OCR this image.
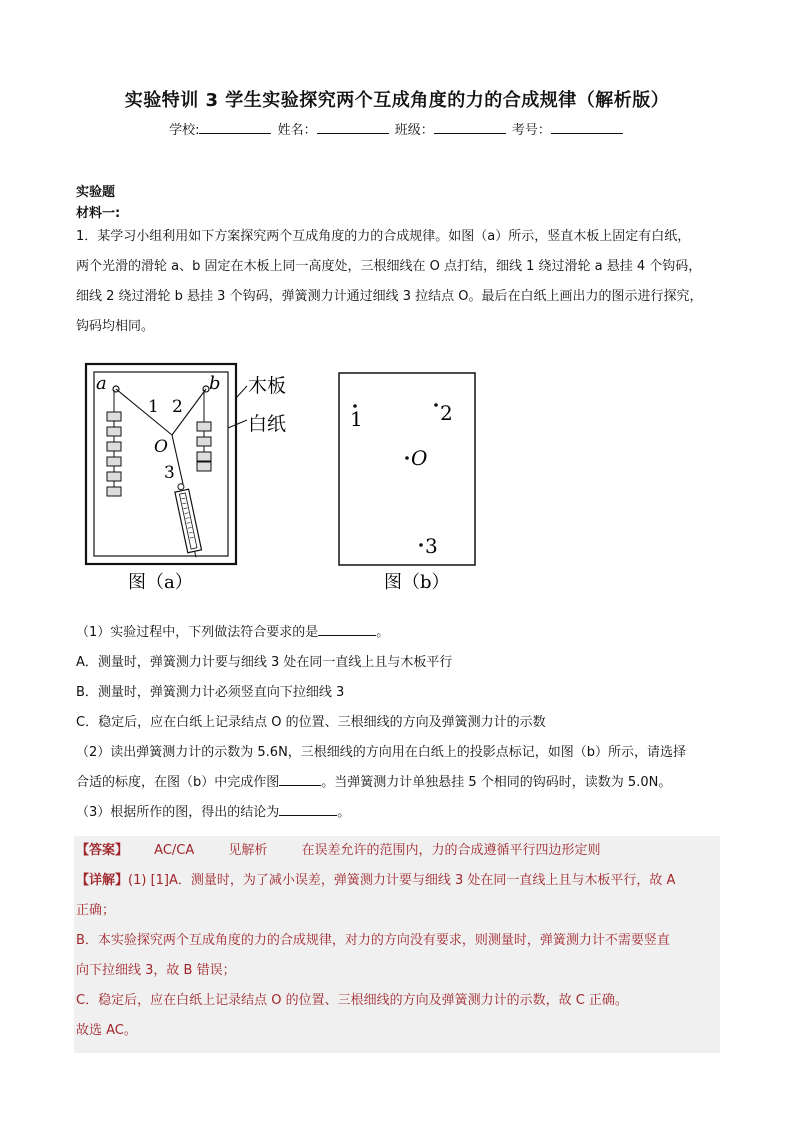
实验特训 3 学生实验探究两个互成角度的力的合成规律（解析版）
学校:	姓名：	班级：	考号：
实验题
材料一:
1．某学习小组利用如下方案探究两个互成角度的力的合成规律。如图（a）所示，竖直木板上固定有白纸，
两个光滑的滑轮 a、b 固定在木板上同一高度处，三根细线在 O 点打结，细线 1 绕过滑轮 a 悬挂 4 个钩码，
细线 2 绕过滑轮 b 悬挂 3 个钩码，弹簧测力计通过细线 3 拉结点 O。最后在白纸上画出力的图示进行探究，
钩码均相同。
a	b
1 2
O
3
木板
白纸
图（a）
1	2
O
3
图（b）
（1）实验过程中，下列做法符合要求的是	。
A．测量时，弹簧测力计要与细线 3 处在同一直线上且与木板平行
B．测量时，弹簧测力计必须竖直向下拉细线 3
C．稳定后，应在白纸上记录结点 O 的位置、三根细线的方向及弹簧测力计的示数
（2）读出弹簧测力计的示数为 5.6N，三根细线的方向用在白纸上的投影点标记，如图（b）所示，请选择
合适的标度，在图（b）中完成作图	。当弹簧测力计单独悬挂 5 个相同的钩码时，读数为 5.0N。
（3）根据所作的图，得出的结论为	。
【答案】 AC/CA	见解析	在误差允许的范围内，力的合成遵循平行四边形定则
【详解】(1) [1]A．测量时，为了减小误差，弹簧测力计要与细线 3 处在同一直线上且与木板平行，故 A
正确；
B．本实验探究两个互成角度的力的合成规律，对力的方向没有要求，则测量时，弹簧测力计不需要竖直
向下拉细线 3，故 B 错误；
C．稳定后，应在白纸上记录结点 O 的位置、三根细线的方向及弹簧测力计的示数，故 C 正确。
故选 AC。
